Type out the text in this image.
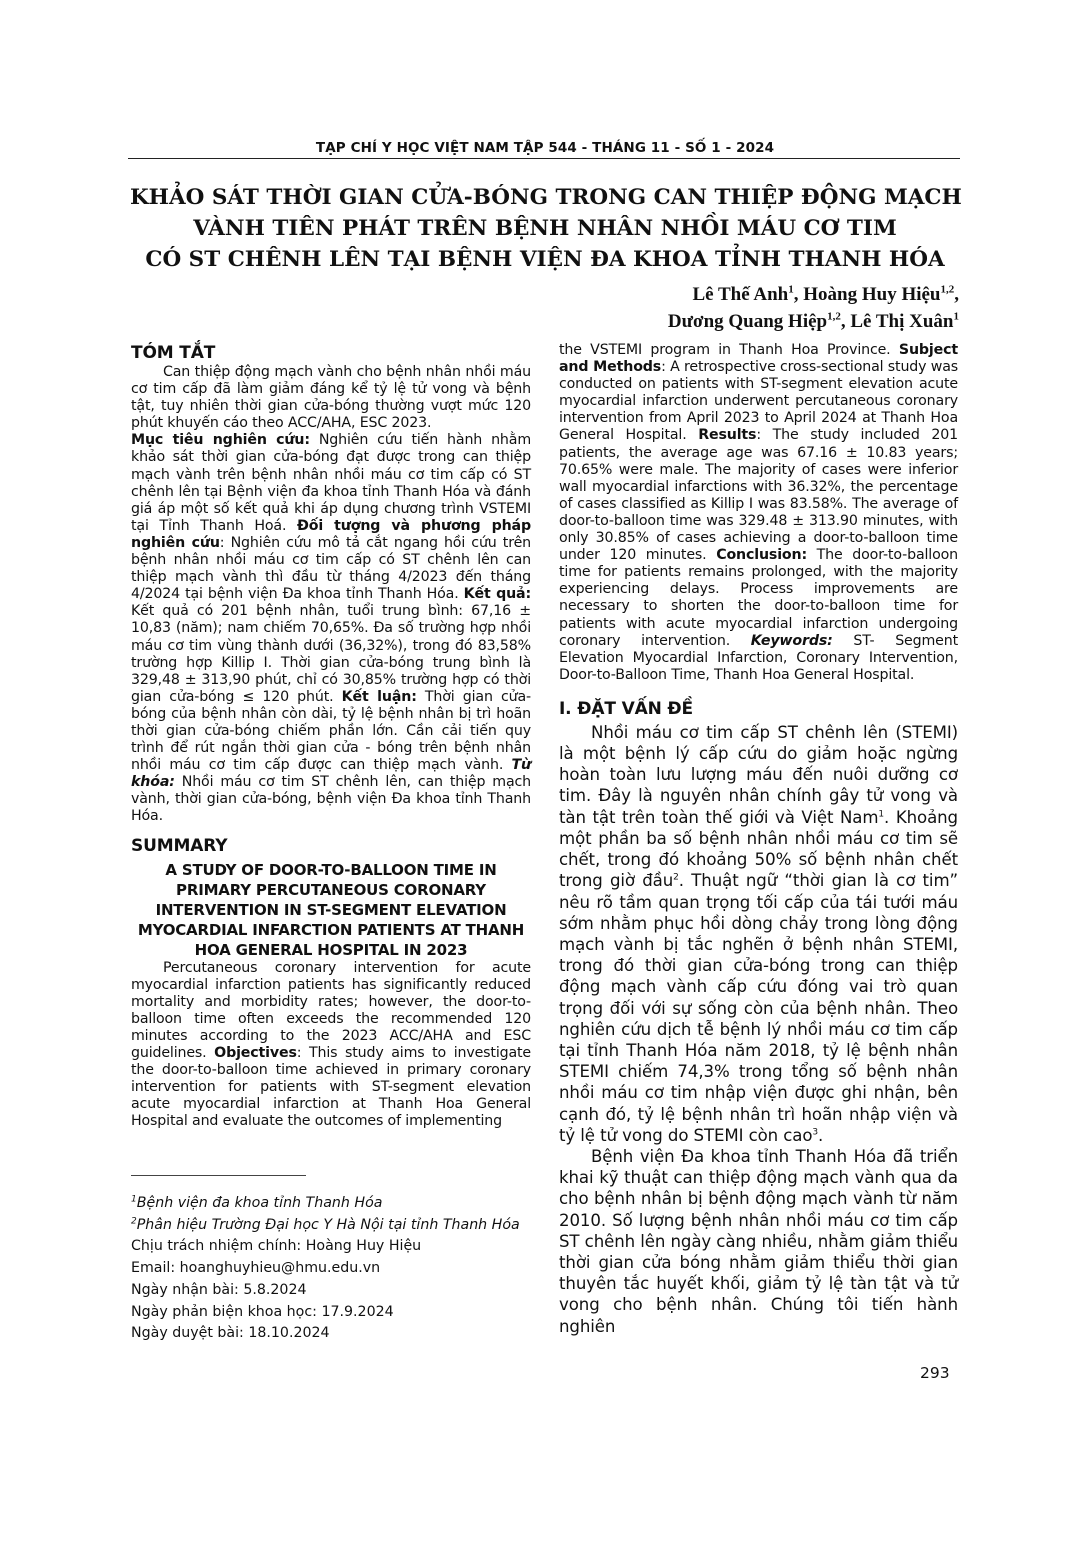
TẠP CHÍ Y HỌC VIỆT NAM TẬP 544 - THÁNG 11 - SỐ 1 - 2024
KHẢO SÁT THỜI GIAN CỬA-BÓNG TRONG CAN THIỆP ĐỘNG MẠCH
VÀNH TIÊN PHÁT TRÊN BỆNH NHÂN NHỒI MÁU CƠ TIM
CÓ ST CHÊNH LÊN TẠI BỆNH VIỆN ĐA KHOA TỈNH THANH HÓA
Lê Thế Anh$^1$, Hoàng Huy Hiệu$^{1,2}$,
Dương Quang Hiệp$^{1,2}$, Lê Thị Xuân$^1$
TÓM TẮT

Can thiệp động mạch vành cho bệnh nhân nhồi máu cơ tim cấp đã làm giảm đáng kể tỷ lệ tử vong và bệnh tật, tuy nhiên thời gian cửa-bóng thường vượt mức 120 phút khuyến cáo theo ACC/AHA, ESC 2023.

Mục tiêu nghiên cứu: Nghiên cứu tiến hành nhằm khảo sát thời gian cửa-bóng đạt được trong can thiệp mạch vành trên bệnh nhân nhồi máu cơ tim cấp có ST chênh lên tại Bệnh viện đa khoa tỉnh Thanh Hóa và đánh giá áp một số kết quả khi áp dụng chương trình VSTEMI tại Tỉnh Thanh Hoá. Đối tượng và phương pháp nghiên cứu: Nghiên cứu mô tả cắt ngang hồi cứu trên bệnh nhân nhồi máu cơ tim cấp có ST chênh lên can thiệp mạch vành thì đầu từ tháng 4/2023 đến tháng 4/2024 tại bệnh viện Đa khoa tỉnh Thanh Hóa. Kết quả: Kết quả có 201 bệnh nhân, tuổi trung bình: 67,16 ± 10,83 (năm); nam chiếm 70,65%. Đa số trường hợp nhồi máu cơ tim vùng thành dưới (36,32%), trong đó 83,58% trường hợp Killip I. Thời gian cửa-bóng trung bình là 329,48 ± 313,90 phút, chỉ có 30,85% trường hợp có thời gian cửa-bóng ≤ 120 phút. Kết luận: Thời gian cửa-bóng của bệnh nhân còn dài, tỷ lệ bệnh nhân bị trì hoãn thời gian cửa-bóng chiếm phần lớn. Cần cải tiến quy trình để rút ngắn thời gian cửa - bóng trên bệnh nhân nhồi máu cơ tim cấp được can thiệp mạch vành. Từ khóa: Nhồi máu cơ tim ST chênh lên, can thiệp mạch vành, thời gian cửa-bóng, bệnh viện Đa khoa tỉnh Thanh Hóa.

SUMMARY

A STUDY OF DOOR-TO-BALLOON TIME IN PRIMARY PERCUTANEOUS CORONARY INTERVENTION IN ST-SEGMENT ELEVATION MYOCARDIAL INFARCTION PATIENTS AT THANH HOA GENERAL HOSPITAL IN 2023

Percutaneous coronary intervention for acute myocardial infarction patients has significantly reduced mortality and morbidity rates; however, the door-to-balloon time often exceeds the recommended 120 minutes according to the 2023 ACC/AHA and ESC guidelines. Objectives: This study aims to investigate the door-to-balloon time achieved in primary coronary intervention for patients with ST-segment elevation acute myocardial infarction at Thanh Hoa General Hospital and evaluate the outcomes of implementing

$^1$Bệnh viện đa khoa tỉnh Thanh Hóa
$^2$Phân hiệu Trường Đại học Y Hà Nội tại tỉnh Thanh Hóa
Chịu trách nhiệm chính: Hoàng Huy Hiệu
Email: hoanghuyhieu@hmu.edu.vn
Ngày nhận bài: 5.8.2024
Ngày phản biện khoa học: 17.9.2024
Ngày duyệt bài: 18.10.2024

the VSTEMI program in Thanh Hoa Province. Subject and Methods: A retrospective cross-sectional study was conducted on patients with ST-segment elevation acute myocardial infarction underwent percutaneous coronary intervention from April 2023 to April 2024 at Thanh Hoa General Hospital. Results: The study included 201 patients, the average age was 67.16 ± 10.83 years; 70.65% were male. The majority of cases were inferior wall myocardial infarctions with 36.32%, the percentage of cases classified as Killip I was 83.58%. The average of door-to-balloon time was 329.48 ± 313.90 minutes, with only 30.85% of cases achieving a door-to-balloon time under 120 minutes. Conclusion: The door-to-balloon time for patients remains prolonged, with the majority experiencing delays. Process improvements are necessary to shorten the door-to-balloon time for patients with acute myocardial infarction undergoing coronary intervention. Keywords: ST- Segment Elevation Myocardial Infarction, Coronary Intervention, Door-to-Balloon Time, Thanh Hoa General Hospital.

I. ĐẶT VẤN ĐỀ

Nhồi máu cơ tim cấp ST chênh lên (STEMI) là một bệnh lý cấp cứu do giảm hoặc ngừng hoàn toàn lưu lượng máu đến nuôi dưỡng cơ tim. Đây là nguyên nhân chính gây tử vong và tàn tật trên toàn thế giới và Việt Nam$^1$. Khoảng một phần ba số bệnh nhân nhồi máu cơ tim sẽ chết, trong đó khoảng 50% số bệnh nhân chết trong giờ đầu$^2$. Thuật ngữ “thời gian là cơ tim” nêu rõ tầm quan trọng tối cấp của tái tưới máu sớm nhằm phục hồi dòng chảy trong lòng động mạch vành bị tắc nghẽn ở bệnh nhân STEMI, trong đó thời gian cửa-bóng trong can thiệp động mạch vành cấp cứu đóng vai trò quan trọng đối với sự sống còn của bệnh nhân. Theo nghiên cứu dịch tễ bệnh lý nhồi máu cơ tim cấp tại tỉnh Thanh Hóa năm 2018, tỷ lệ bệnh nhân STEMI chiếm 74,3% trong tổng số bệnh nhân nhồi máu cơ tim nhập viện được ghi nhận, bên cạnh đó, tỷ lệ bệnh nhân trì hoãn nhập viện và tỷ lệ tử vong do STEMI còn cao$^3$.

Bệnh viện Đa khoa tỉnh Thanh Hóa đã triển khai kỹ thuật can thiệp động mạch vành qua da cho bệnh nhân bị bệnh động mạch vành từ năm 2010. Số lượng bệnh nhân nhồi máu cơ tim cấp ST chênh lên ngày càng nhiều, nhằm giảm thiểu thời gian cửa bóng nhằm giảm thiểu thời gian thuyên tắc huyết khối, giảm tỷ lệ tàn tật và tử vong cho bệnh nhân. Chúng tôi tiến hành nghiên

293
